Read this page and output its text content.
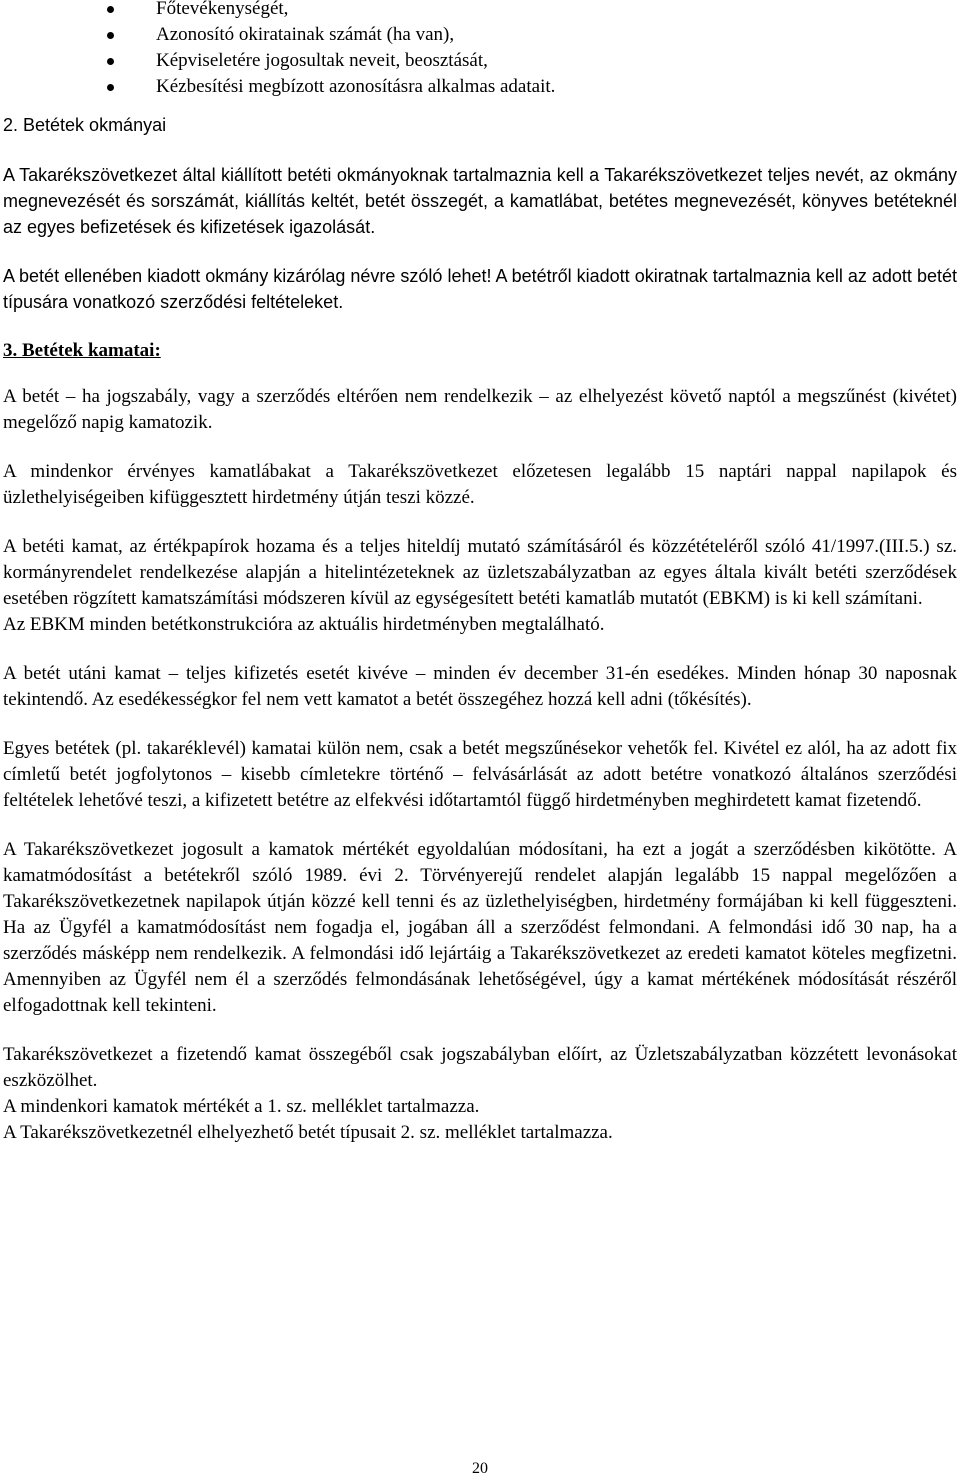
Főtevékenységét,
Azonosító okiratainak számát (ha van),
Képviseletére jogosultak neveit, beosztását,
Kézbesítési megbízott azonosításra alkalmas adatait.
2. Betétek okmányai

A Takarékszövetkezet által kiállított betéti okmányoknak tartalmaznia kell a Takarékszövetkezet teljes nevét, az okmány megnevezését és sorszámát, kiállítás keltét, betét összegét, a kamatlábat, betétes megnevezését, könyves betéteknél az egyes befizetések és kifizetések igazolását.

A betét ellenében kiadott okmány kizárólag névre szóló lehet! A betétről kiadott okiratnak tartalmaznia kell az adott betét típusára vonatkozó szerződési feltételeket.

3. Betétek kamatai:

A betét – ha jogszabály, vagy a szerződés eltérően nem rendelkezik – az elhelyezést követő naptól a megszűnést (kivétet) megelőző napig kamatozik.

A mindenkor érvényes kamatlábakat a Takarékszövetkezet előzetesen legalább 15 naptári nappal napilapok és üzlethelyiségeiben kifüggesztett hirdetmény útján teszi közzé.

A betéti kamat, az értékpapírok hozama és a teljes hiteldíj mutató számításáról és közzétételéről szóló 41/1997.(III.5.) sz. kormányrendelet rendelkezése alapján a hitelintézeteknek az üzletszabályzatban az egyes általa kivált betéti szerződések esetében rögzített kamatszámítási módszeren kívül az egységesített betéti kamatláb mutatót (EBKM) is ki kell számítani.

Az EBKM minden betétkonstrukcióra az aktuális hirdetményben megtalálható.

A betét utáni kamat – teljes kifizetés esetét kivéve – minden év december 31-én esedékes. Minden hónap 30 naposnak tekintendő. Az esedékességkor fel nem vett kamatot a betét összegéhez hozzá kell adni (tőkésítés).

Egyes betétek (pl. takaréklevél) kamatai külön nem, csak a betét megszűnésekor vehetők fel. Kivétel ez alól, ha az adott fix címletű betét jogfolytonos – kisebb címletekre történő – felvásárlását az adott betétre vonatkozó általános szerződési feltételek lehetővé teszi, a kifizetett betétre az elfekvési időtartamtól függő hirdetményben meghirdetett kamat fizetendő.

A Takarékszövetkezet jogosult a kamatok mértékét egyoldalúan módosítani, ha ezt a jogát a szerződésben kikötötte. A kamatmódosítást a betétekről szóló 1989. évi 2. Törvényerejű rendelet alapján legalább 15 nappal megelőzően a Takarékszövetkezetnek napilapok útján közzé kell tenni és az üzlethelyiségben, hirdetmény formájában ki kell függeszteni. Ha az Ügyfél a kamatmódosítást nem fogadja el, jogában áll a szerződést felmondani. A felmondási idő 30 nap, ha a szerződés másképp nem rendelkezik. A felmondási idő lejártáig a Takarékszövetkezet az eredeti kamatot köteles megfizetni. Amennyiben az Ügyfél nem él a szerződés felmondásának lehetőségével, úgy a kamat mértékének módosítását részéről elfogadottnak kell tekinteni.

Takarékszövetkezet a fizetendő kamat összegéből csak jogszabályban előírt, az Üzletszabályzatban közzétett levonásokat eszközölhet.

A mindenkori kamatok mértékét a 1. sz. melléklet tartalmazza.

A Takarékszövetkezetnél elhelyezhető betét típusait 2. sz. melléklet tartalmazza.

20
